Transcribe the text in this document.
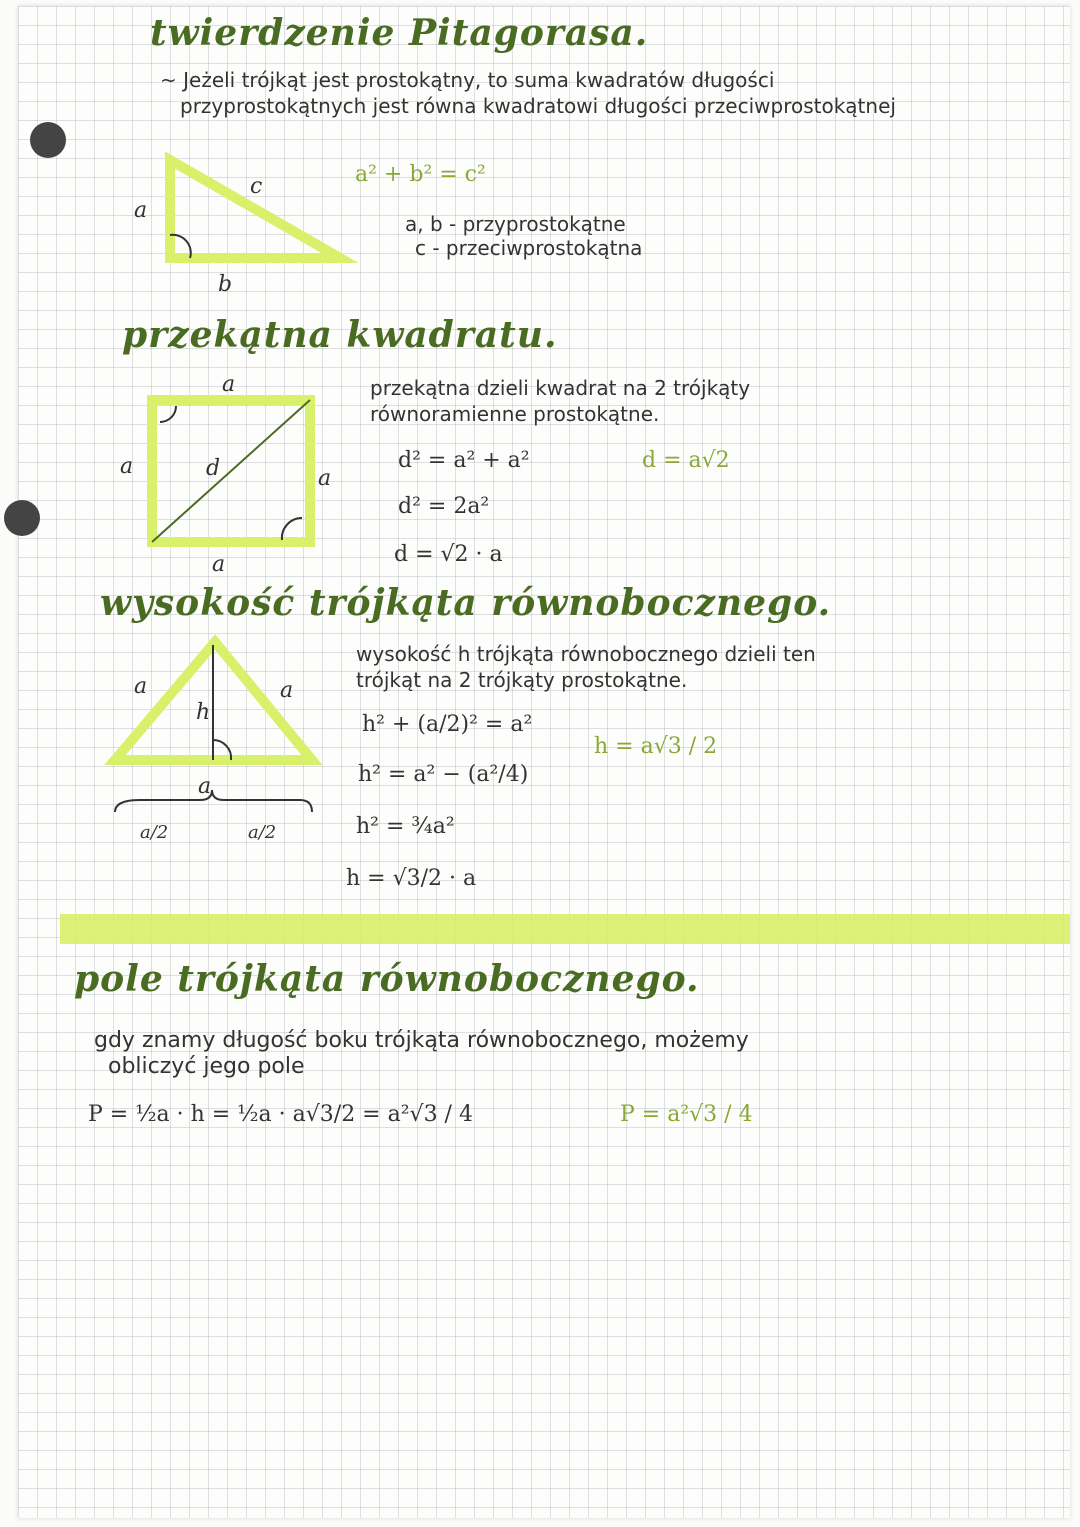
twierdzenie Pitagorasa.
~ Jeżeli trójkąt jest prostokątny, to suma kwadratów długości
przyprostokątnych jest równa kwadratowi długości przeciwprostokątnej
a
b
c	a² + b² = c²
a, b - przyprostokątne
c - przeciwprostokątna
przekątna kwadratu.
a
a	a
a
d
przekątna dzieli kwadrat na 2 trójkąty
równoramienne prostokątne.
d² = a² + a²
d² = 2a²
d = √2 · a
d = a√2
wysokość trójkąta równobocznego.
a	a
h
a
a/2	a/2
wysokość h trójkąta równobocznego dzieli ten
trójkąt na 2 trójkąty prostokątne.
h² + (a/2)² = a²
h² = a² − (a²/4)
h² = ¾a²
h = √3/2 · a
h = a√3 / 2
pole trójkąta równobocznego.
gdy znamy długość boku trójkąta równobocznego, możemy
obliczyć jego pole
P = ½a · h = ½a · a√3/2 = a²√3 / 4	P = a²√3 / 4
